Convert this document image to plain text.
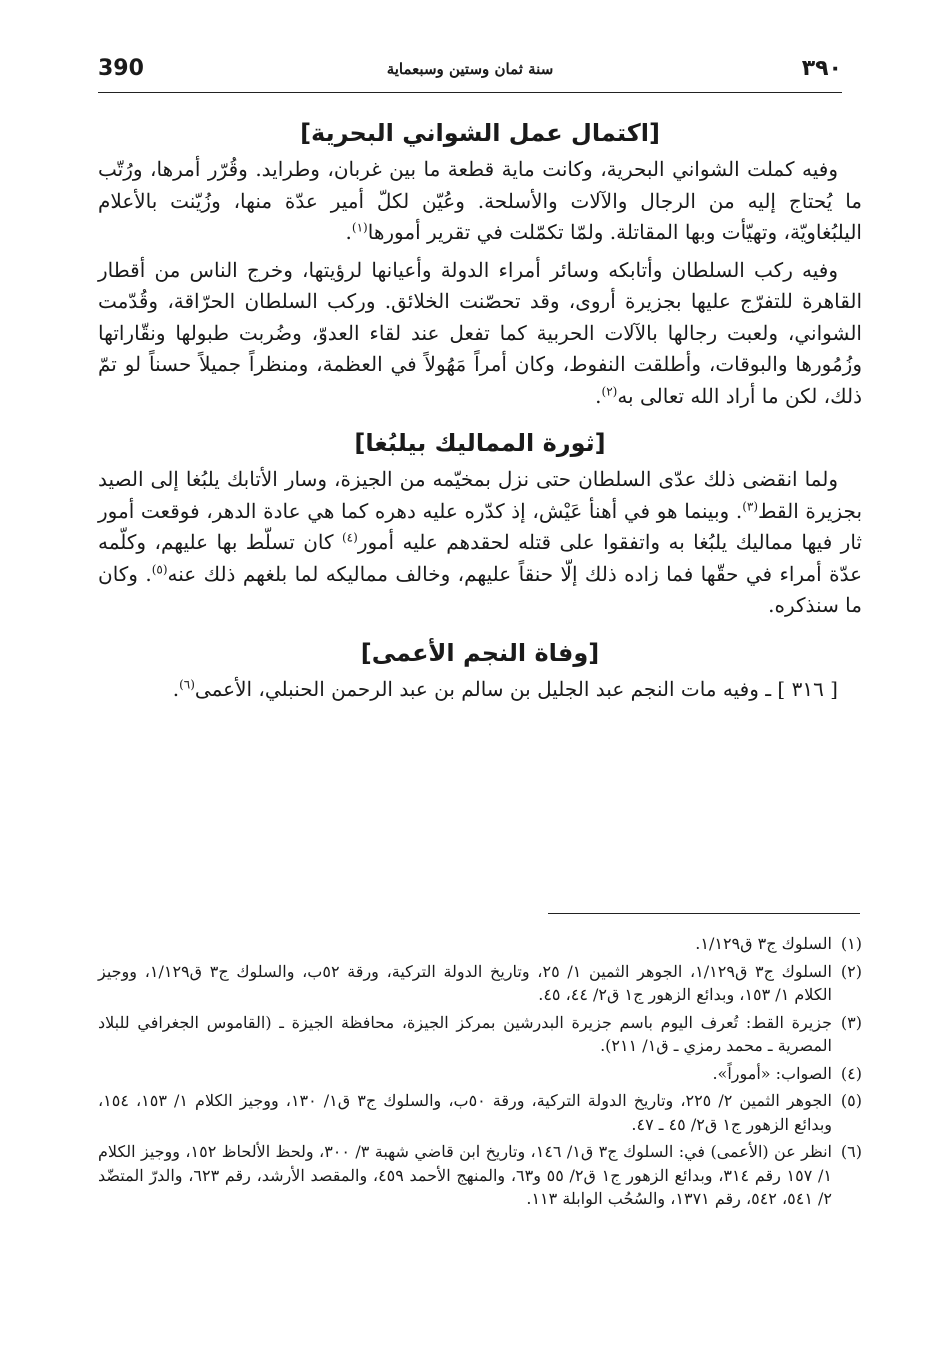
390	سنة ثمان وستين وسبعماية	٣٩٠
[اكتمال عمل الشواني البحرية]

وفيه كملت الشواني البحرية، وكانت ماية قطعة ما بين غربان، وطرايد. وقُرّر أمرها، ورُتّب ما يُحتاج إليه من الرجال والآلات والأسلحة. وعُيّن لكلّ أمير عدّة منها، وزُيّنت بالأعلام اليلبُغاويّة، وتهيّأت وبها المقاتلة. ولمّا تكمّلت في تقرير أمورها$^{(١)}$.

وفيه ركب السلطان وأتابكه وسائر أمراء الدولة وأعيانها لرؤيتها، وخرج الناس من أقطار القاهرة للتفرّج عليها بجزيرة أروى، وقد تحصّنت الخلائق. وركب السلطان الحرّاقة، وقُدّمت الشواني، ولعبت رجالها بالآلات الحربية كما تفعل عند لقاء العدوّ، وضُربت طبولها ونقّاراتها وزُمُورها والبوقات، وأطلقت النفوط، وكان أمراً مَهُولاً في العظمة، ومنظراً جميلاً حسناً لو تمّ ذلك، لكن ما أراد الله تعالى به$^{(٢)}$.

[ثورة المماليك بيلبُغا]

ولما انقضى ذلك عدّى السلطان حتى نزل بمخيّمه من الجيزة، وسار الأتابك يلبُغا إلى الصيد بجزيرة القط$^{(٣)}$. وبينما هو في أهنأ عَيْش، إذ كدّره عليه دهره كما هي عادة الدهر، فوقعت أمور ثار فيها مماليك يلبُغا به واتفقوا على قتله لحقدهم عليه أمور$^{(٤)}$ كان تسلّط بها عليهم، وكلّمه عدّة أمراء في حقّها فما زاده ذلك إلّا حنقاً عليهم، وخالف مماليكه لما بلغهم ذلك عنه$^{(٥)}$. وكان ما سنذكره.

[وفاة النجم الأعمى]

[ ٣١٦ ] ـ وفيه مات النجم عبد الجليل بن سالم بن عبد الرحمن الحنبلي، الأعمى$^{(٦)}$.

(١)
السلوك ج٣ ق١/١٢٩.
(٢)
السلوك ج٣ ق١/١٢٩، الجوهر الثمين ١/ ٢٥، وتاريخ الدولة التركية، ورقة ٥٢ب، والسلوك ج٣ ق١/١٢٩، ووجيز الكلام ١/ ١٥٣، وبدائع الزهور ج١ ق٢/ ٤٤، ٤٥.
(٣)
جزيرة القط: تُعرف اليوم باسم جزيرة البدرشين بمركز الجيزة، محافظة الجيزة ـ (القاموس الجغرافي للبلاد المصرية ـ محمد رمزي ـ ق١/ ٢١١).
(٤)
الصواب: «أموراً».
(٥)
الجوهر الثمين ٢/ ٢٢٥، وتاريخ الدولة التركية، ورقة ٥٠ب، والسلوك ج٣ ق١/ ١٣٠، ووجيز الكلام ١/ ١٥٣، ١٥٤، وبدائع الزهور ج١ ق٢/ ٤٥ ـ ٤٧.
(٦)
انظر عن (الأعمى) في: السلوك ج٣ ق١/ ١٤٦، وتاريخ ابن قاضي شهبة ٣/ ٣٠٠، ولحظ الألحاظ ١٥٢، ووجيز الكلام ١/ ١٥٧ رقم ٣١٤، وبدائع الزهور ج١ ق٢/ ٥٥ و٦٣، والمنهج الأحمد ٤٥٩، والمقصد الأرشد، رقم ٦٢٣، والدرّ المتضّد ٢/ ٥٤١، ٥٤٢، رقم ١٣٧١، والسُحُب الوابلة ١١٣.
